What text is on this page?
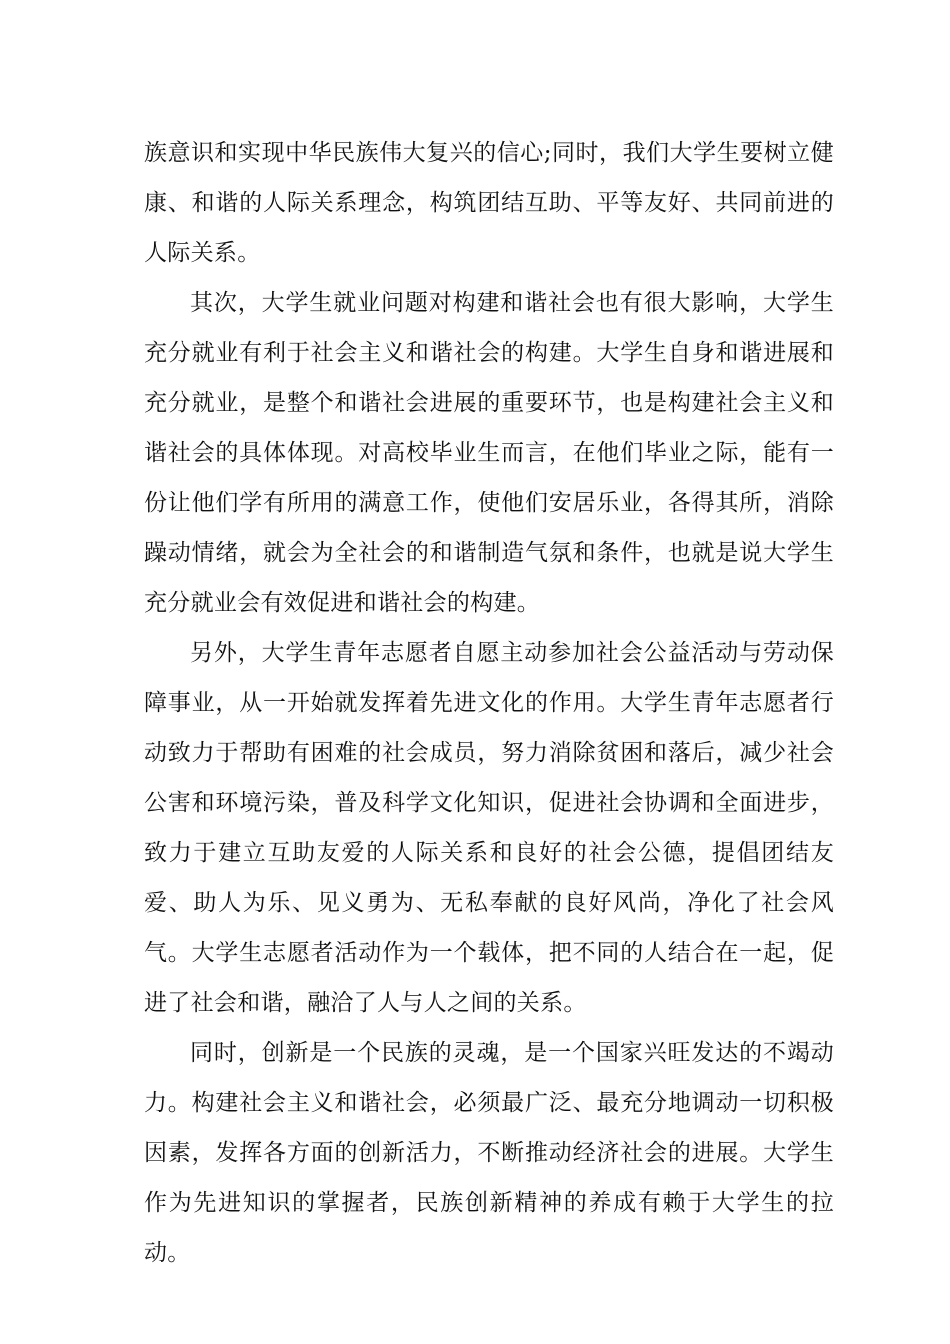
族意识和实现中华民族伟大复兴的信心;同时，我们大学生要树立健康、和谐的人际关系理念，构筑团结互助、平等友好、共同前进的人际关系。

其次，大学生就业问题对构建和谐社会也有很大影响，大学生充分就业有利于社会主义和谐社会的构建。大学生自身和谐进展和充分就业，是整个和谐社会进展的重要环节，也是构建社会主义和谐社会的具体体现。对高校毕业生而言，在他们毕业之际，能有一份让他们学有所用的满意工作，使他们安居乐业，各得其所，消除躁动情绪，就会为全社会的和谐制造气氛和条件，也就是说大学生充分就业会有效促进和谐社会的构建。

另外，大学生青年志愿者自愿主动参加社会公益活动与劳动保障事业，从一开始就发挥着先进文化的作用。大学生青年志愿者行动致力于帮助有困难的社会成员，努力消除贫困和落后，减少社会公害和环境污染，普及科学文化知识，促进社会协调和全面进步，致力于建立互助友爱的人际关系和良好的社会公德，提倡团结友爱、助人为乐、见义勇为、无私奉献的良好风尚，净化了社会风气。大学生志愿者活动作为一个载体，把不同的人结合在一起，促进了社会和谐，融洽了人与人之间的关系。

同时，创新是一个民族的灵魂，是一个国家兴旺发达的不竭动力。构建社会主义和谐社会，必须最广泛、最充分地调动一切积极因素，发挥各方面的创新活力，不断推动经济社会的进展。大学生作为先进知识的掌握者，民族创新精神的养成有赖于大学生的拉动。
